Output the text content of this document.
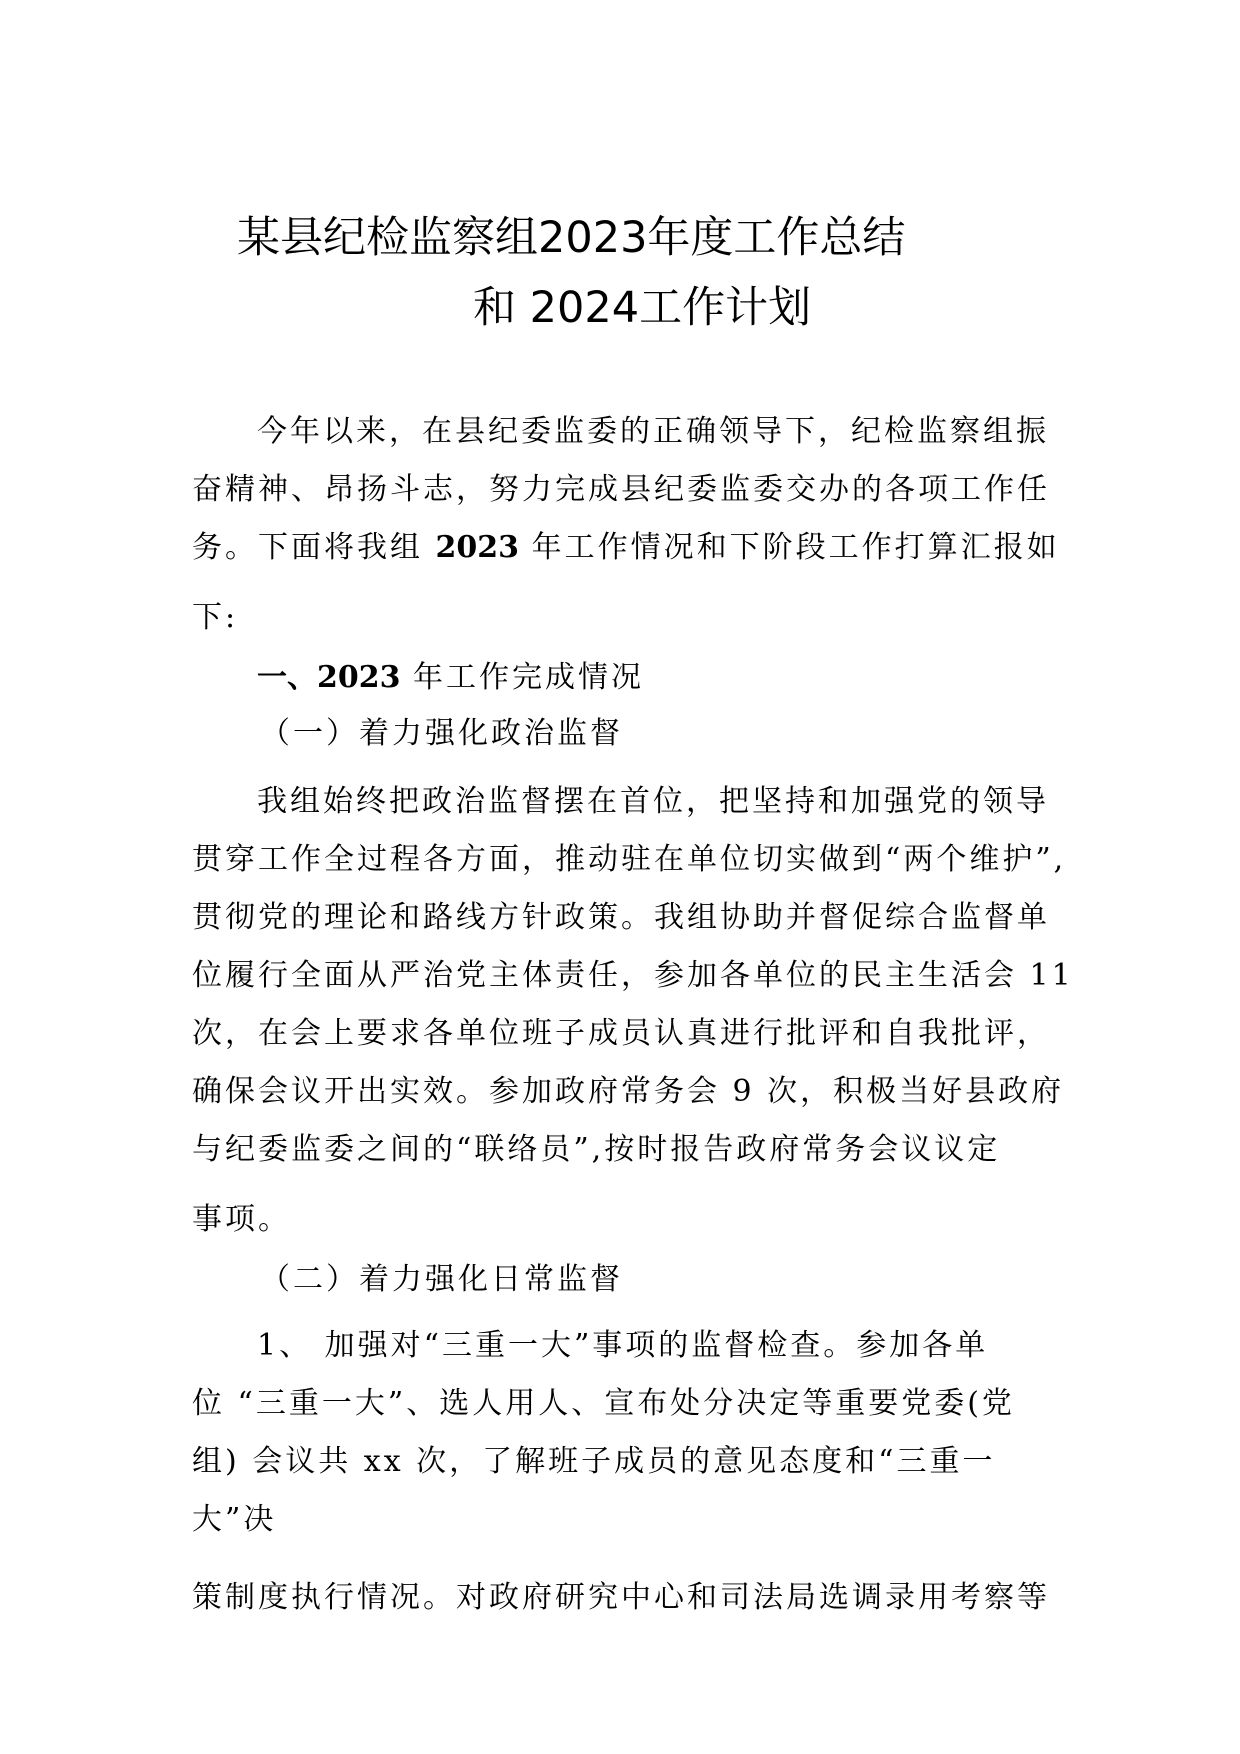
某县纪检监察组2023年度工作总结
和 2024工作计划
今年以来，在县纪委监委的正确领导下，纪检监察组振
奋精神、昂扬斗志，努力完成县纪委监委交办的各项工作任
务。下面将我组 2023 年工作情况和下阶段工作打算汇报如
下:
一、2023 年工作完成情况
（一）着力强化政治监督
我组始终把政治监督摆在首位，把坚持和加强党的领导
贯穿工作全过程各方面，推动驻在单位切实做到“两个维护”,
贯彻党的理论和路线方针政策。我组协助并督促综合监督单
位履行全面从严治党主体责任，参加各单位的民主生活会 11
次，在会上要求各单位班子成员认真进行批评和自我批评，
确保会议开出实效。参加政府常务会 9 次，积极当好县政府
与纪委监委之间的“联络员”,按时报告政府常务会议议定
事项。
（二）着力强化日常监督
1、 加强对“三重一大”事项的监督检查。参加各单
位 “三重一大”、选人用人、宣布处分决定等重要党委(党
组) 会议共 xx 次，了解班子成员的意见态度和“三重一
大”决
策制度执行情况。对政府研究中心和司法局选调录用考察等
